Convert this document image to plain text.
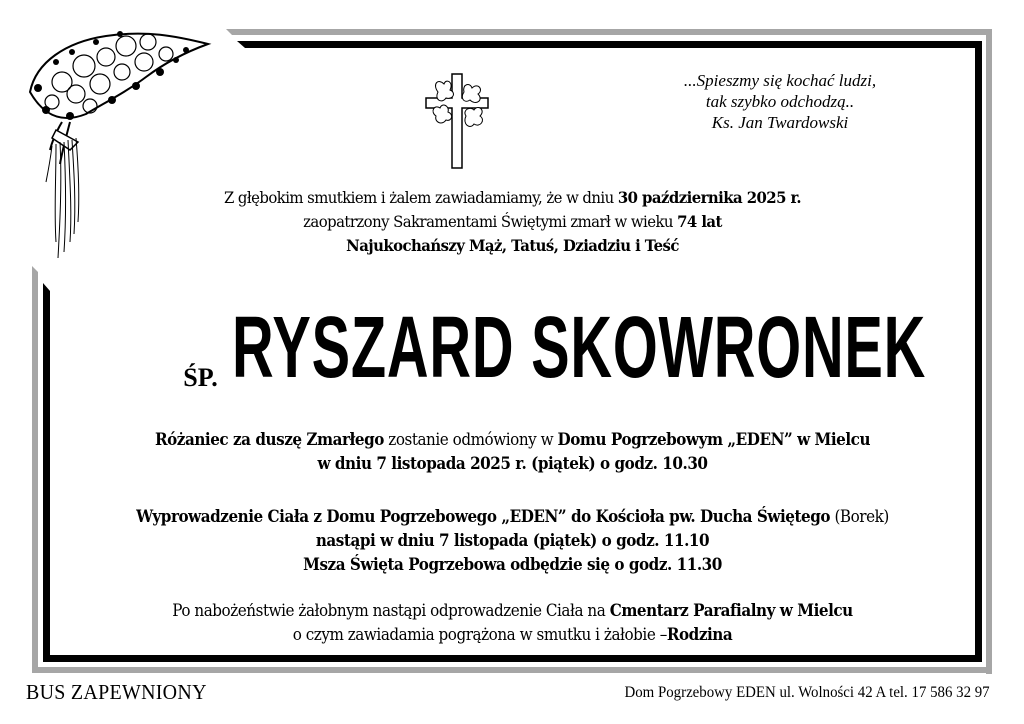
...Spieszmy się kochać ludzi,
tak szybko odchodzą..
Ks. Jan Twardowski
Z głębokim smutkiem i żalem zawiadamiamy, że w dniu 30 października 2025 r.
zaopatrzony Sakramentami Świętymi zmarł w wieku 74 lat
Najukochańszy Mąż, Tatuś, Dziadziu i Teść
ŚP. RYSZARD SKOWRONEK
Różaniec za duszę Zmarłego zostanie odmówiony w Domu Pogrzebowym „EDEN” w Mielcu
w dniu 7 listopada 2025 r. (piątek) o godz. 10.30
Wyprowadzenie Ciała z Domu Pogrzebowego „EDEN” do Kościoła pw. Ducha Świętego (Borek)
nastąpi w dniu 7 listopada (piątek) o godz. 11.10
Msza Święta Pogrzebowa odbędzie się o godz. 11.30
Po nabożeństwie żałobnym nastąpi odprowadzenie Ciała na Cmentarz Parafialny w Mielcu
o czym zawiadamia pogrążona w smutku i żałobie –Rodzina
BUS ZAPEWNIONY	Dom Pogrzebowy EDEN ul. Wolności 42 A tel. 17 586 32 97
